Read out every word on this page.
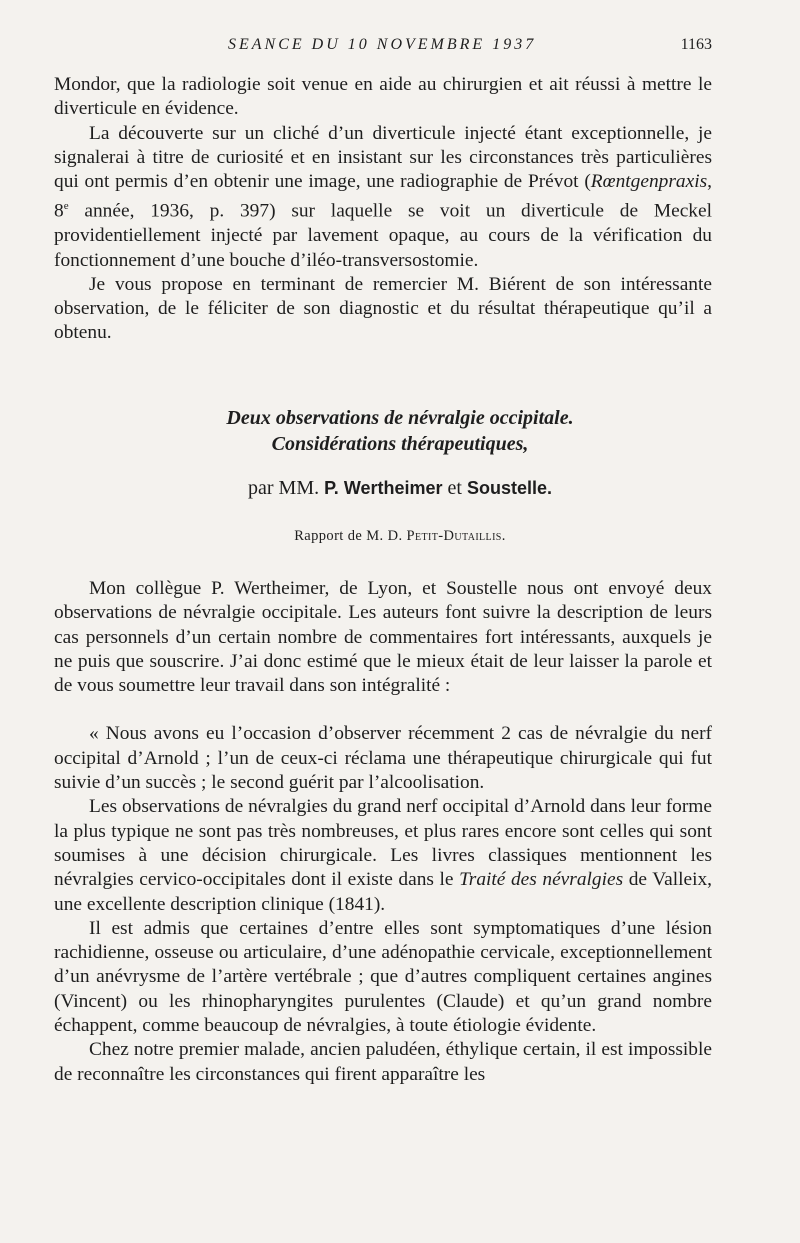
SEANCE DU 10 NOVEMBRE 1937	1163

Mondor, que la radiologie soit venue en aide au chirurgien et ait réussi à mettre le diverticule en évidence.

La découverte sur un cliché d’un diverticule injecté étant exceptionnelle, je signalerai à titre de curiosité et en insistant sur les circonstances très particulières qui ont permis d’en obtenir une image, une radiographie de Prévot (Rœntgenpraxis, 8e année, 1936, p. 397) sur laquelle se voit un diverticule de Meckel providentiellement injecté par lavement opaque, au cours de la vérification du fonctionnement d’une bouche d’iléo-transversostomie.

Je vous propose en terminant de remercier M. Biérent de son intéressante observation, de le féliciter de son diagnostic et du résultat thérapeutique qu’il a obtenu.

Deux observations de névralgie occipitale.
Considérations thérapeutiques,
par MM. P. Wertheimer et Soustelle.
Rapport de M. D. Petit-Dutaillis.

Mon collègue P. Wertheimer, de Lyon, et Soustelle nous ont envoyé deux observations de névralgie occipitale. Les auteurs font suivre la description de leurs cas personnels d’un certain nombre de commentaires fort intéressants, auxquels je ne puis que souscrire. J’ai donc estimé que le mieux était de leur laisser la parole et de vous soumettre leur travail dans son intégralité :

« Nous avons eu l’occasion d’observer récemment 2 cas de névralgie du nerf occipital d’Arnold ; l’un de ceux-ci réclama une thérapeutique chirurgicale qui fut suivie d’un succès ; le second guérit par l’alcoolisation.

Les observations de névralgies du grand nerf occipital d’Arnold dans leur forme la plus typique ne sont pas très nombreuses, et plus rares encore sont celles qui sont soumises à une décision chirurgicale. Les livres classiques mentionnent les névralgies cervico-occipitales dont il existe dans le Traité des névralgies de Valleix, une excellente description clinique (1841).

Il est admis que certaines d’entre elles sont symptomatiques d’une lésion rachidienne, osseuse ou articulaire, d’une adénopathie cervicale, exceptionnellement d’un anévrysme de l’artère vertébrale ; que d’autres compliquent certaines angines (Vincent) ou les rhinopharyngites purulentes (Claude) et qu’un grand nombre échappent, comme beaucoup de névralgies, à toute étiologie évidente.

Chez notre premier malade, ancien paludéen, éthylique certain, il est impossible de reconnaître les circonstances qui firent apparaître les
